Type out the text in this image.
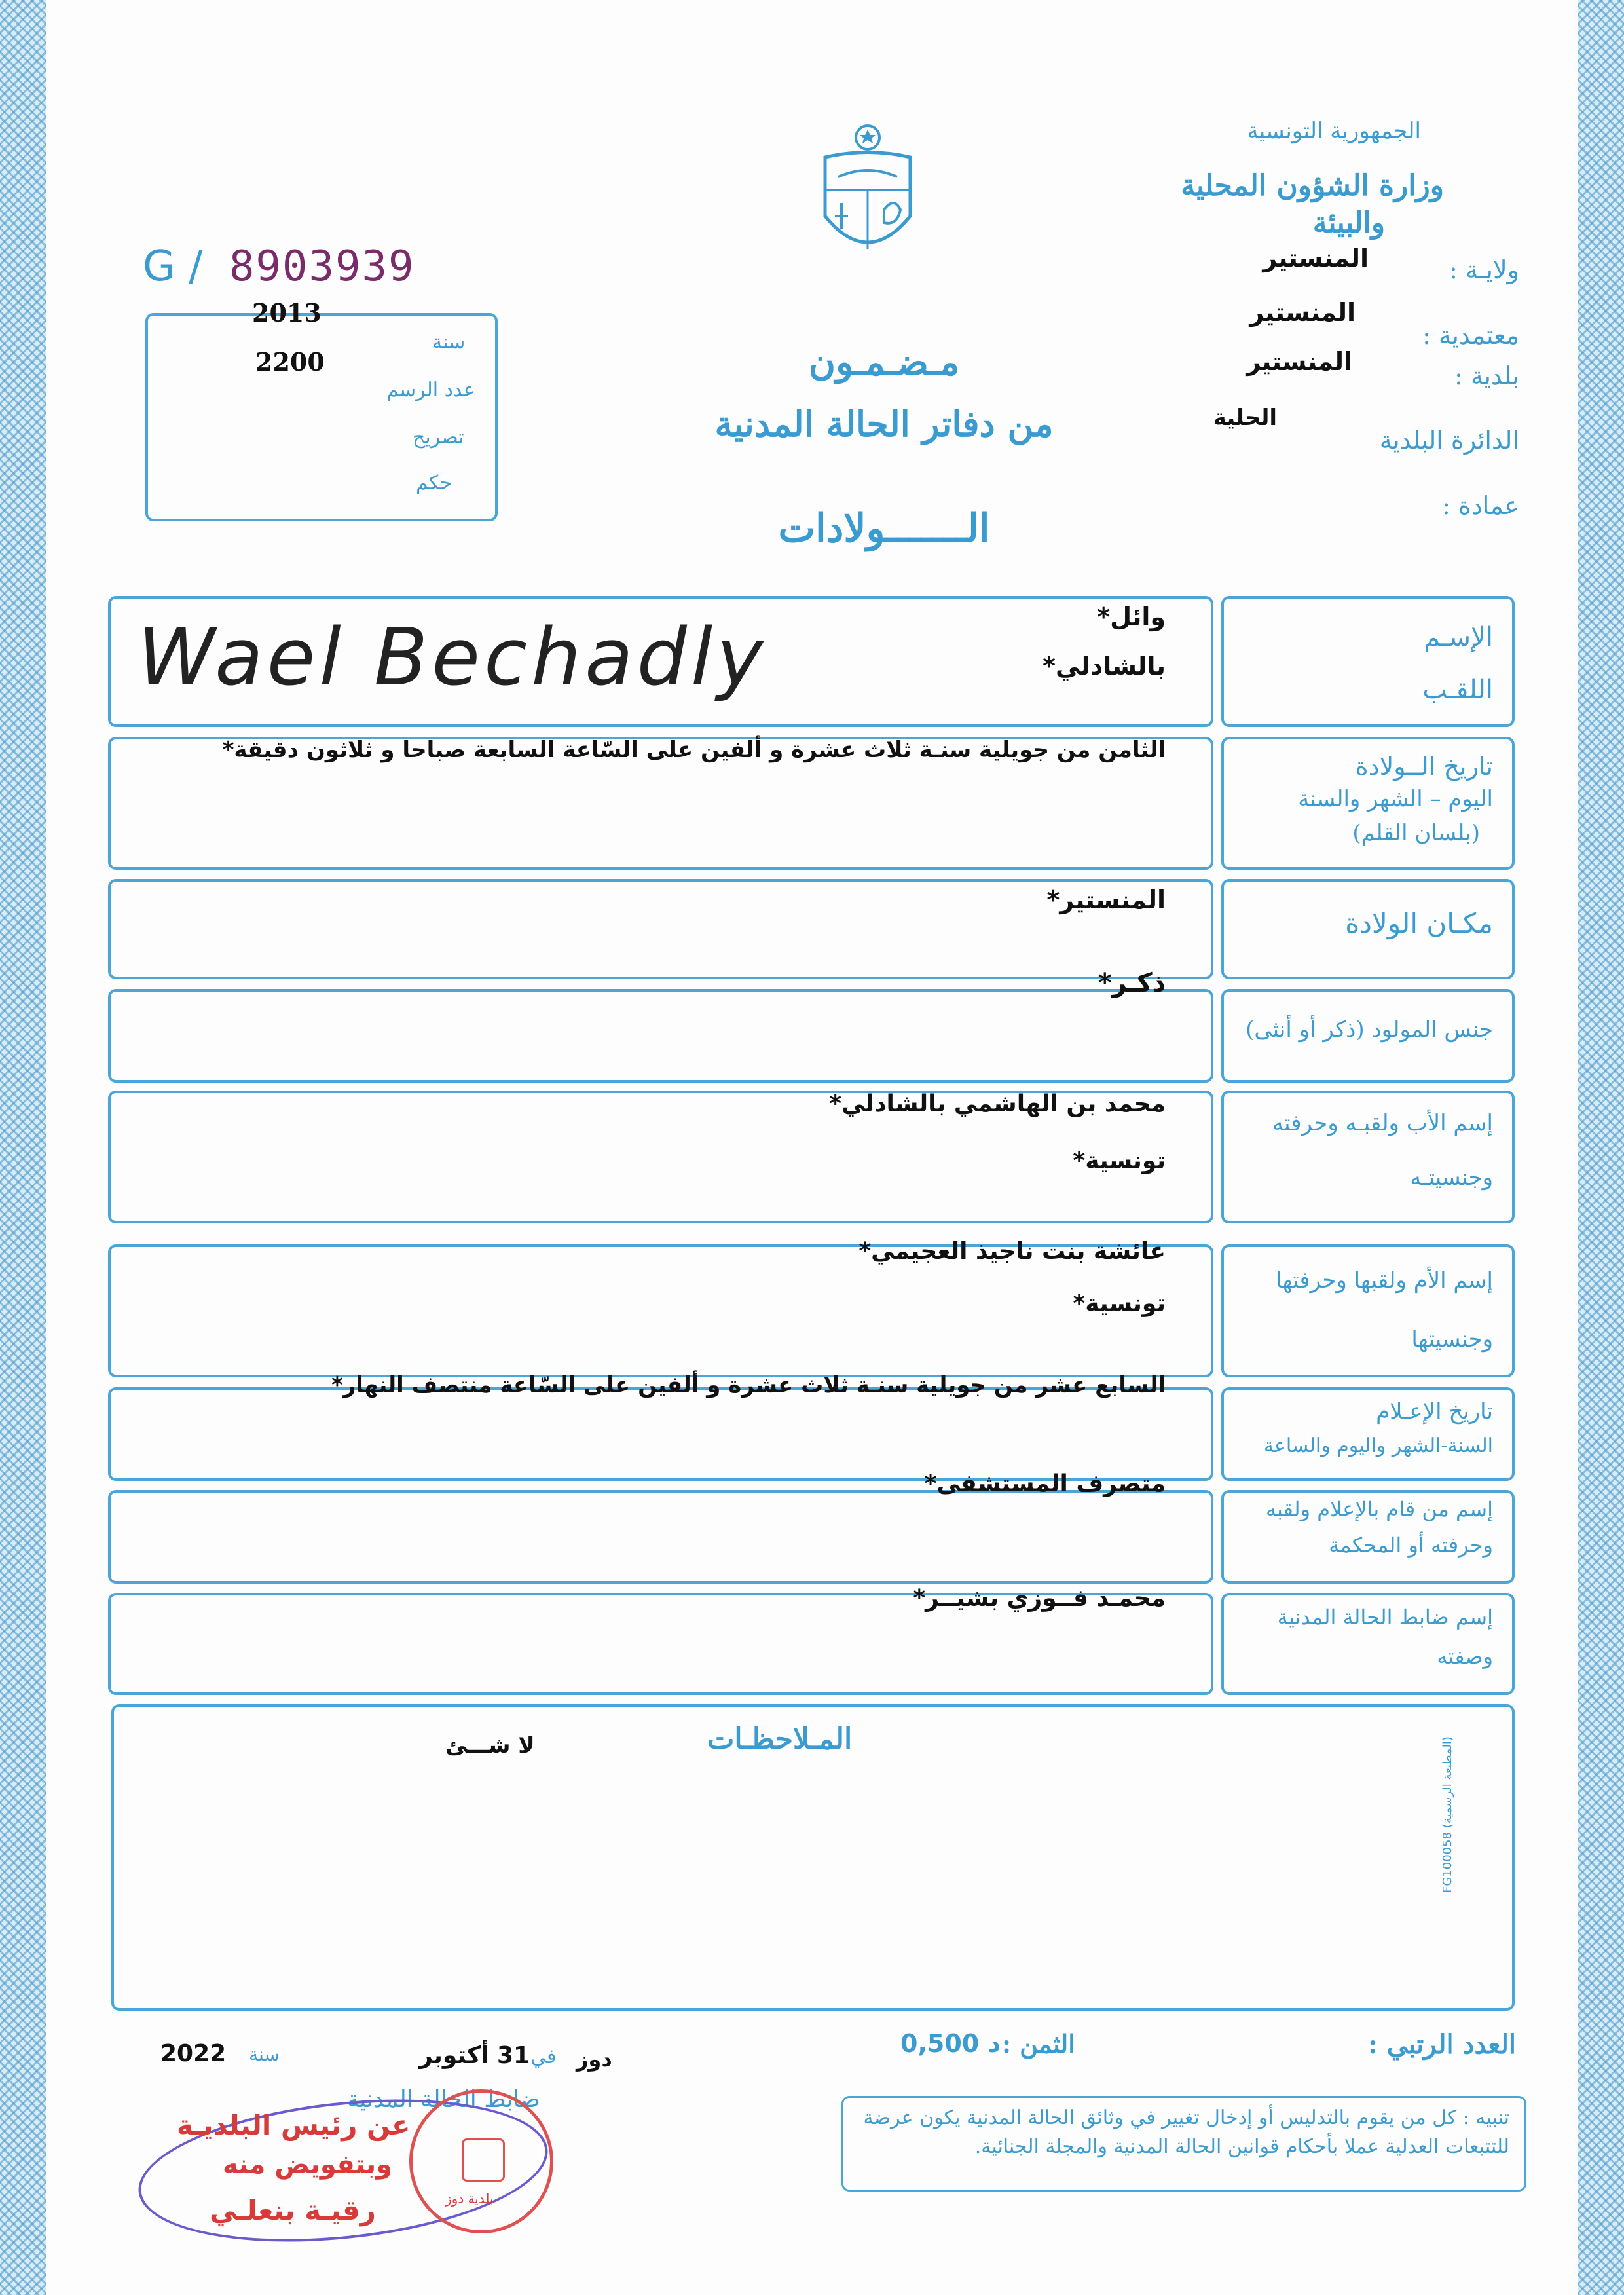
الجمهورية التونسية
وزارة الشؤون المحلية
والبيئة
ولايـة :
المنستير
معتمدية :
المنستير
بلدية :
المنستير
الدائرة البلدية
الحلية
عمادة :
G / 8903939
2013
2200
سنة
عدد الرسم
تصريح
حكم
مـضـمـون
من دفاتر الحالة المدنية
الـــــــولادات
الإسـم
اللقـب
وائل*
بالشادلي*
Wael Bechadly
تاريخ الــولادة
اليوم – الشهر والسنة
(بلسان القلم)
الثامن من جويلية سنـة ثلاث عشرة و ألفين على السّاعة السابعة صباحا و ثلاثون دقيقة*
مكـان الولادة
المنستير*
جنس المولود (ذكر أو أنثى)
ذكـر*
إسم الأب ولقبـه وحرفته
وجنسيتـه
محمد بن الهاشمي بالشادلي*
تونسية*
إسم الأم ولقبها وحرفتها
وجنسيتها
عائشة بنت ناجيذ العجيمي*
تونسية*
تاريخ الإعـلام
السنة-الشهر واليوم والساعة
السابع عشر من جويلية سنـة ثلاث عشرة و ألفين على السّاعة منتصف النهار*
إسم من قام بالإعلام ولقبه
وحرفته أو المحكمة
متصرف المستشفى*
إسم ضابط الحالة المدنية
وصفته
محمـد فــوزي بشيــر*
المـلاحظـات
لا شـــئ
FG100058 (المطبعة الرسمية)
العدد الرتبي :
الثمن :
0,500 د
دوز
في
31 أكتوبر
سنة
2022
ضابط الحالة المدنية
تنبيه : كل من يقوم بالتدليس أو إدخال تغيير في وثائق الحالة المدنية يكون عرضة للتتبعات العدلية عملا بأحكام قوانين الحالة المدنية والمجلة الجنائية.
بلدية دوز
عن رئيس البلديـة
وبتفويض منه
رقيـة بنعلـي
